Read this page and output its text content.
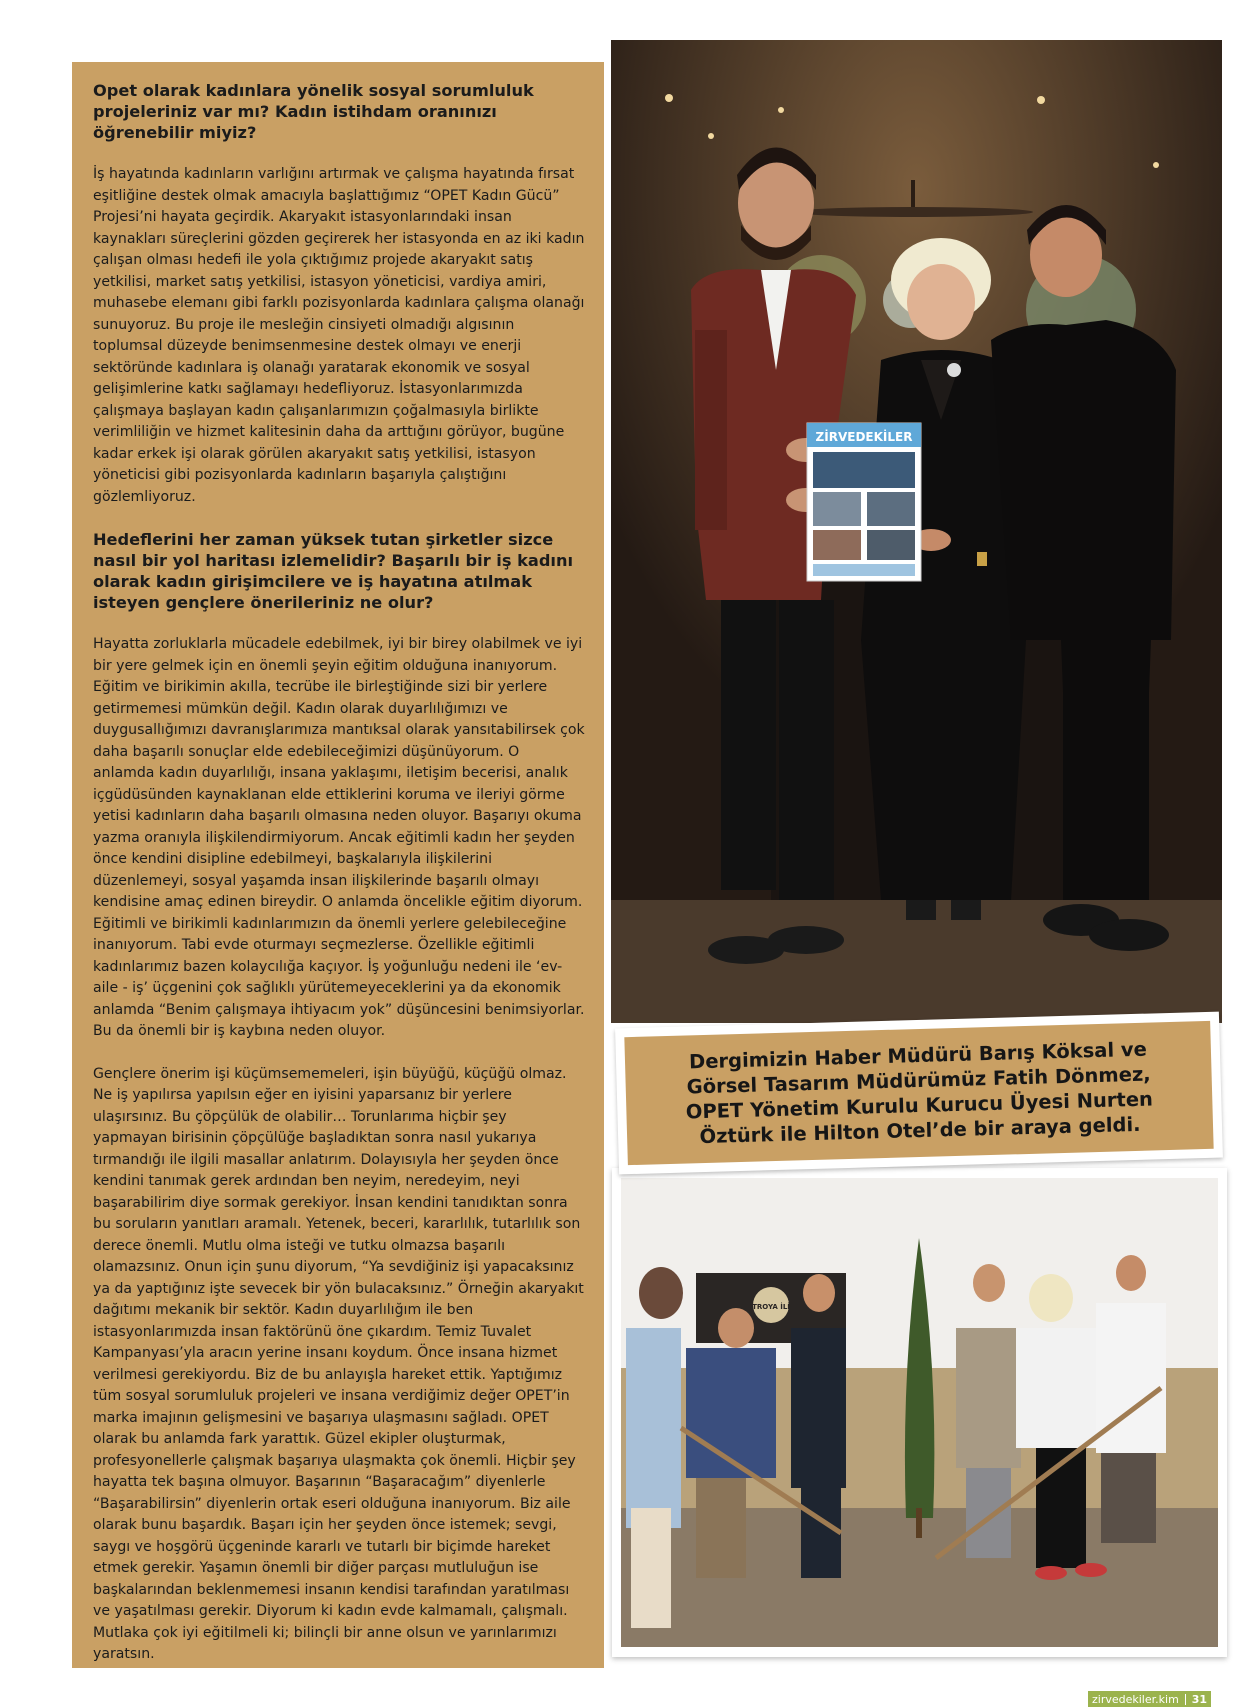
Opet olarak kadınlara yönelik sosyal sorumluluk projeleriniz var mı? Kadın istihdam oranınızı öğrenebilir miyiz?

İş hayatında kadınların varlığını artırmak ve çalışma hayatında fırsat eşitliğine destek olmak amacıyla başlattığımız “OPET Kadın Gücü” Projesi’ni hayata geçirdik. Akaryakıt istasyonlarındaki insan kaynakları süreçlerini gözden geçirerek her istasyonda en az iki kadın çalışan olması hedefi ile yola çıktığımız projede akaryakıt satış yetkilisi, market satış yetkilisi, istasyon yöneticisi, vardiya amiri, muhasebe elemanı gibi farklı pozisyonlarda kadınlara çalışma olanağı sunuyoruz. Bu proje ile mesleğin cinsiyeti olmadığı algısının toplumsal düzeyde benimsenmesine destek olmayı ve enerji sektöründe kadınlara iş olanağı yaratarak ekonomik ve sosyal gelişimlerine katkı sağlamayı hedefliyoruz. İstasyonlarımızda çalışmaya başlayan kadın çalışanlarımızın çoğalmasıyla birlikte verimliliğin ve hizmet kalitesinin daha da arttığını görüyor, bugüne kadar erkek işi olarak görülen akaryakıt satış yetkilisi, istasyon yöneticisi gibi pozisyonlarda kadınların başarıyla çalıştığını gözlemliyoruz.

Hedeflerini her zaman yüksek tutan şirketler sizce nasıl bir yol haritası izlemelidir? Başarılı bir iş kadını olarak kadın girişimcilere ve iş hayatına atılmak isteyen gençlere önerileriniz ne olur?

Hayatta zorluklarla mücadele edebilmek, iyi bir birey olabilmek ve iyi bir yere gelmek için en önemli şeyin eğitim olduğuna inanıyorum. Eğitim ve birikimin akılla, tecrübe ile birleştiğinde sizi bir yerlere getirmemesi mümkün değil. Kadın olarak duyarlılığımızı ve duygusallığımızı davranışlarımıza mantıksal olarak yansıtabilirsek çok daha başarılı sonuçlar elde edebileceğimizi düşünüyorum. O anlamda kadın duyarlılığı, insana yaklaşımı, iletişim becerisi, analık içgüdüsünden kaynaklanan elde ettiklerini koruma ve ileriyi görme yetisi kadınların daha başarılı olmasına neden oluyor. Başarıyı okuma yazma oranıyla ilişkilendirmiyorum. Ancak eğitimli kadın her şeyden önce kendini disipline edebilmeyi, başkalarıyla ilişkilerini düzenlemeyi, sosyal yaşamda insan ilişkilerinde başarılı olmayı kendisine amaç edinen bireydir. O anlamda öncelikle eğitim diyorum. Eğitimli ve birikimli kadınlarımızın da önemli yerlere gelebileceğine inanıyorum. Tabi evde oturmayı seçmezlerse. Özellikle eğitimli kadınlarımız bazen kolaycılığa kaçıyor. İş yoğunluğu nedeni ile ‘ev- aile - iş’ üçgenini çok sağlıklı yürütemeyeceklerini ya da ekonomik anlamda “Benim çalışmaya ihtiyacım yok” düşüncesini benimsiyorlar. Bu da önemli bir iş kaybına neden oluyor.

Gençlere önerim işi küçümsememeleri, işin büyüğü, küçüğü olmaz. Ne iş yapılırsa yapılsın eğer en iyisini yaparsanız bir yerlere ulaşırsınız. Bu çöpçülük de olabilir… Torunlarıma hiçbir şey yapmayan birisinin çöpçülüğe başladıktan sonra nasıl yukarıya tırmandığı ile ilgili masallar anlatırım. Dolayısıyla her şeyden önce kendini tanımak gerek ardından ben neyim, neredeyim, neyi başarabilirim diye sormak gerekiyor. İnsan kendini tanıdıktan sonra bu soruların yanıtları aramalı. Yetenek, beceri, kararlılık, tutarlılık son derece önemli. Mutlu olma isteği ve tutku olmazsa başarılı olamazsınız. Onun için şunu diyorum, “Ya sevdiğiniz işi yapacaksınız ya da yaptığınız işte sevecek bir yön bulacaksınız.” Örneğin akaryakıt dağıtımı mekanik bir sektör. Kadın duyarlılığım ile ben istasyonlarımızda insan faktörünü öne çıkardım. Temiz Tuvalet Kampanyası’yla aracın yerine insanı koydum. Önce insana hizmet verilmesi gerekiyordu. Biz de bu anlayışla hareket ettik. Yaptığımız tüm sosyal sorumluluk projeleri ve insana verdiğimiz değer OPET’in marka imajının gelişmesini ve başarıya ulaşmasını sağladı. OPET olarak bu anlamda fark yarattık. Güzel ekipler oluşturmak, profesyonellerle çalışmak başarıya ulaşmakta çok önemli. Hiçbir şey hayatta tek başına olmuyor. Başarının “Başaracağım” diyenlerle “Başarabilirsin” diyenlerin ortak eseri olduğuna inanıyorum. Biz aile olarak bunu başardık. Başarı için her şeyden önce istemek; sevgi, saygı ve hoşgörü üçgeninde kararlı ve tutarlı bir biçimde hareket etmek gerekir. Yaşamın önemli bir diğer parçası mutluluğun ise başkalarından beklenmemesi insanın kendisi tarafından yaratılması ve yaşatılması gerekir. Diyorum ki kadın evde kalmamalı, çalışmalı. Mutlaka çok iyi eğitilmeli ki; bilinçli bir anne olsun ve yarınlarımızı yaratsın.

ZİRVEDEKİLER
TROYA İLİ
Dergimizin Haber Müdürü Barış Köksal ve Görsel Tasarım Müdürümüz Fatih Dönmez, OPET Yönetim Kurulu Kurucu Üyesi Nurten Öztürk ile Hilton Otel’de bir araya geldi.
zirvedekiler.kim 31
